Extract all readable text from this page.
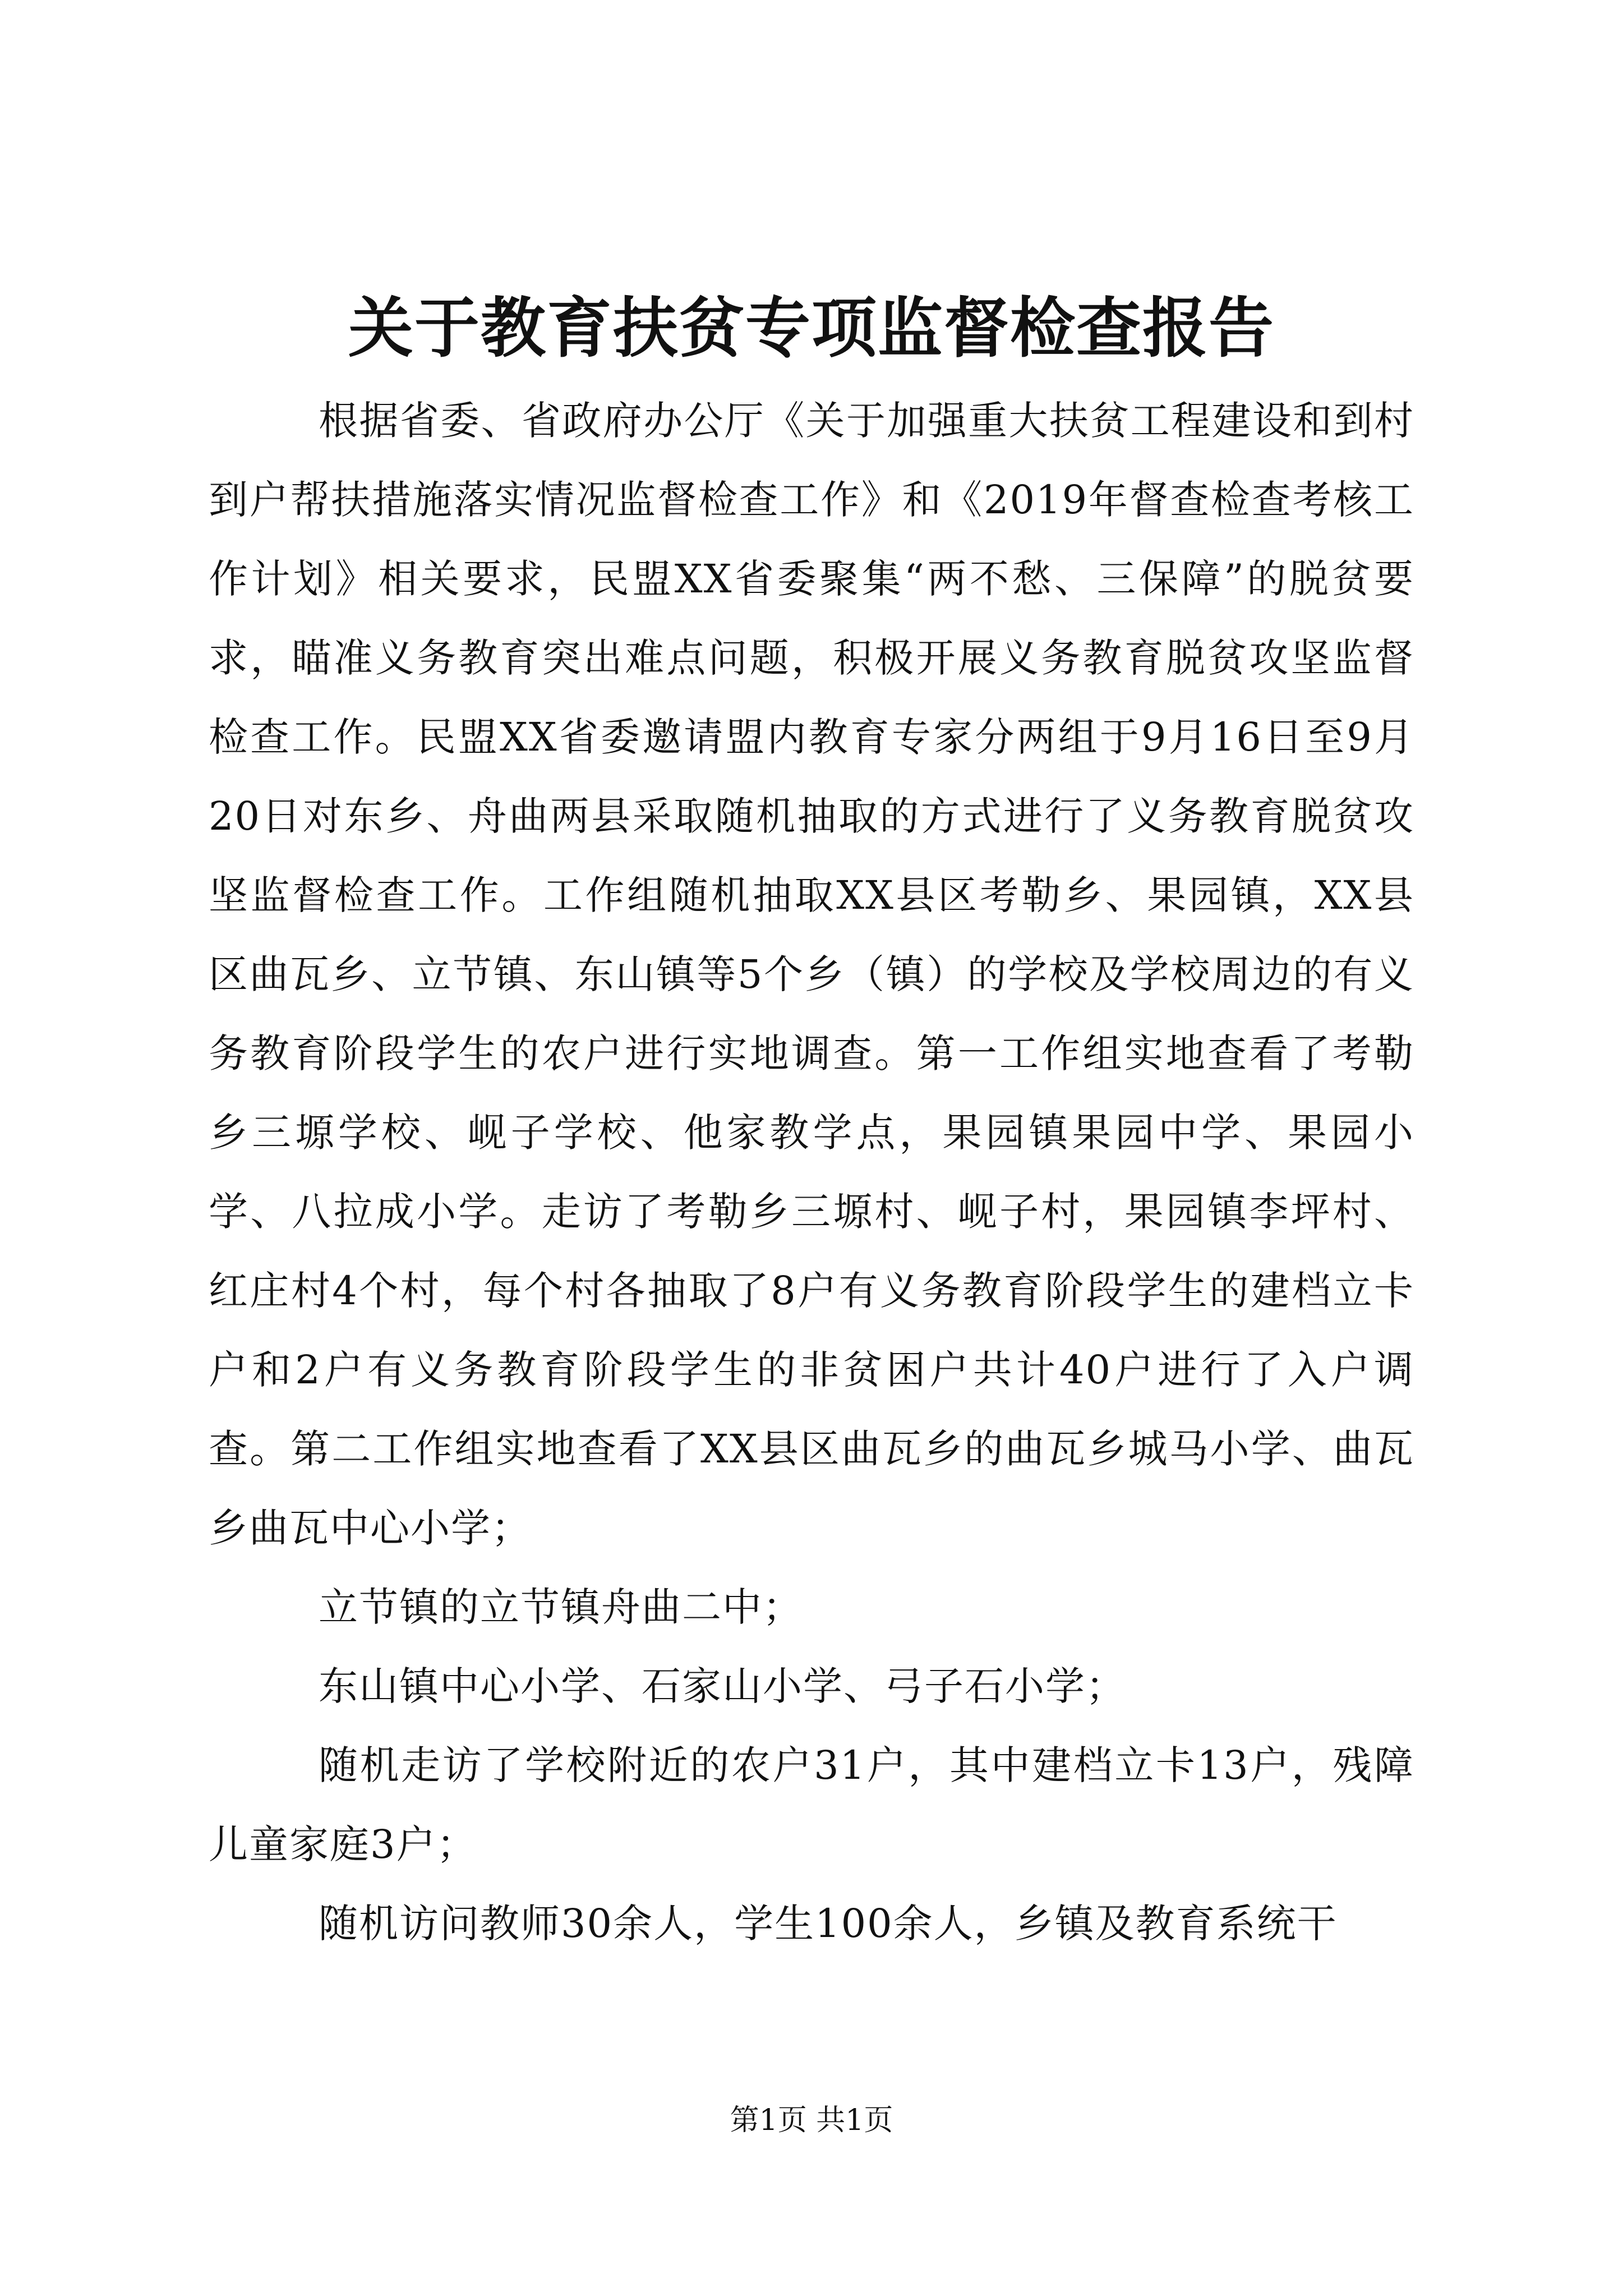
关于教育扶贫专项监督检查报告

根据省委、省政府办公厅《关于加强重大扶贫工程建设和到村到户帮扶措施落实情况监督检查工作》和《2019年督查检查考核工作计划》相关要求，民盟XX省委聚集“两不愁、三保障”的脱贫要求，瞄准义务教育突出难点问题，积极开展义务教育脱贫攻坚监督检查工作。民盟XX省委邀请盟内教育专家分两组于9月16日至9月20日对东乡、舟曲两县采取随机抽取的方式进行了义务教育脱贫攻坚监督检查工作。工作组随机抽取XX县区考勒乡、果园镇，XX县区曲瓦乡、立节镇、东山镇等5个乡（镇）的学校及学校周边的有义务教育阶段学生的农户进行实地调查。第一工作组实地查看了考勒乡三塬学校、岘子学校、他家教学点，果园镇果园中学、果园小学、八拉成小学。走访了考勒乡三塬村、岘子村，果园镇李坪村、红庄村4个村，每个村各抽取了8户有义务教育阶段学生的建档立卡户和2户有义务教育阶段学生的非贫困户共计40户进行了入户调查。第二工作组实地查看了XX县区曲瓦乡的曲瓦乡城马小学、曲瓦乡曲瓦中心小学；

立节镇的立节镇舟曲二中；

东山镇中心小学、石家山小学、弓子石小学；

随机走访了学校附近的农户31户，其中建档立卡13户，残障儿童家庭3户；

随机访问教师30余人，学生100余人，乡镇及教育系统干

第1页 共1页
